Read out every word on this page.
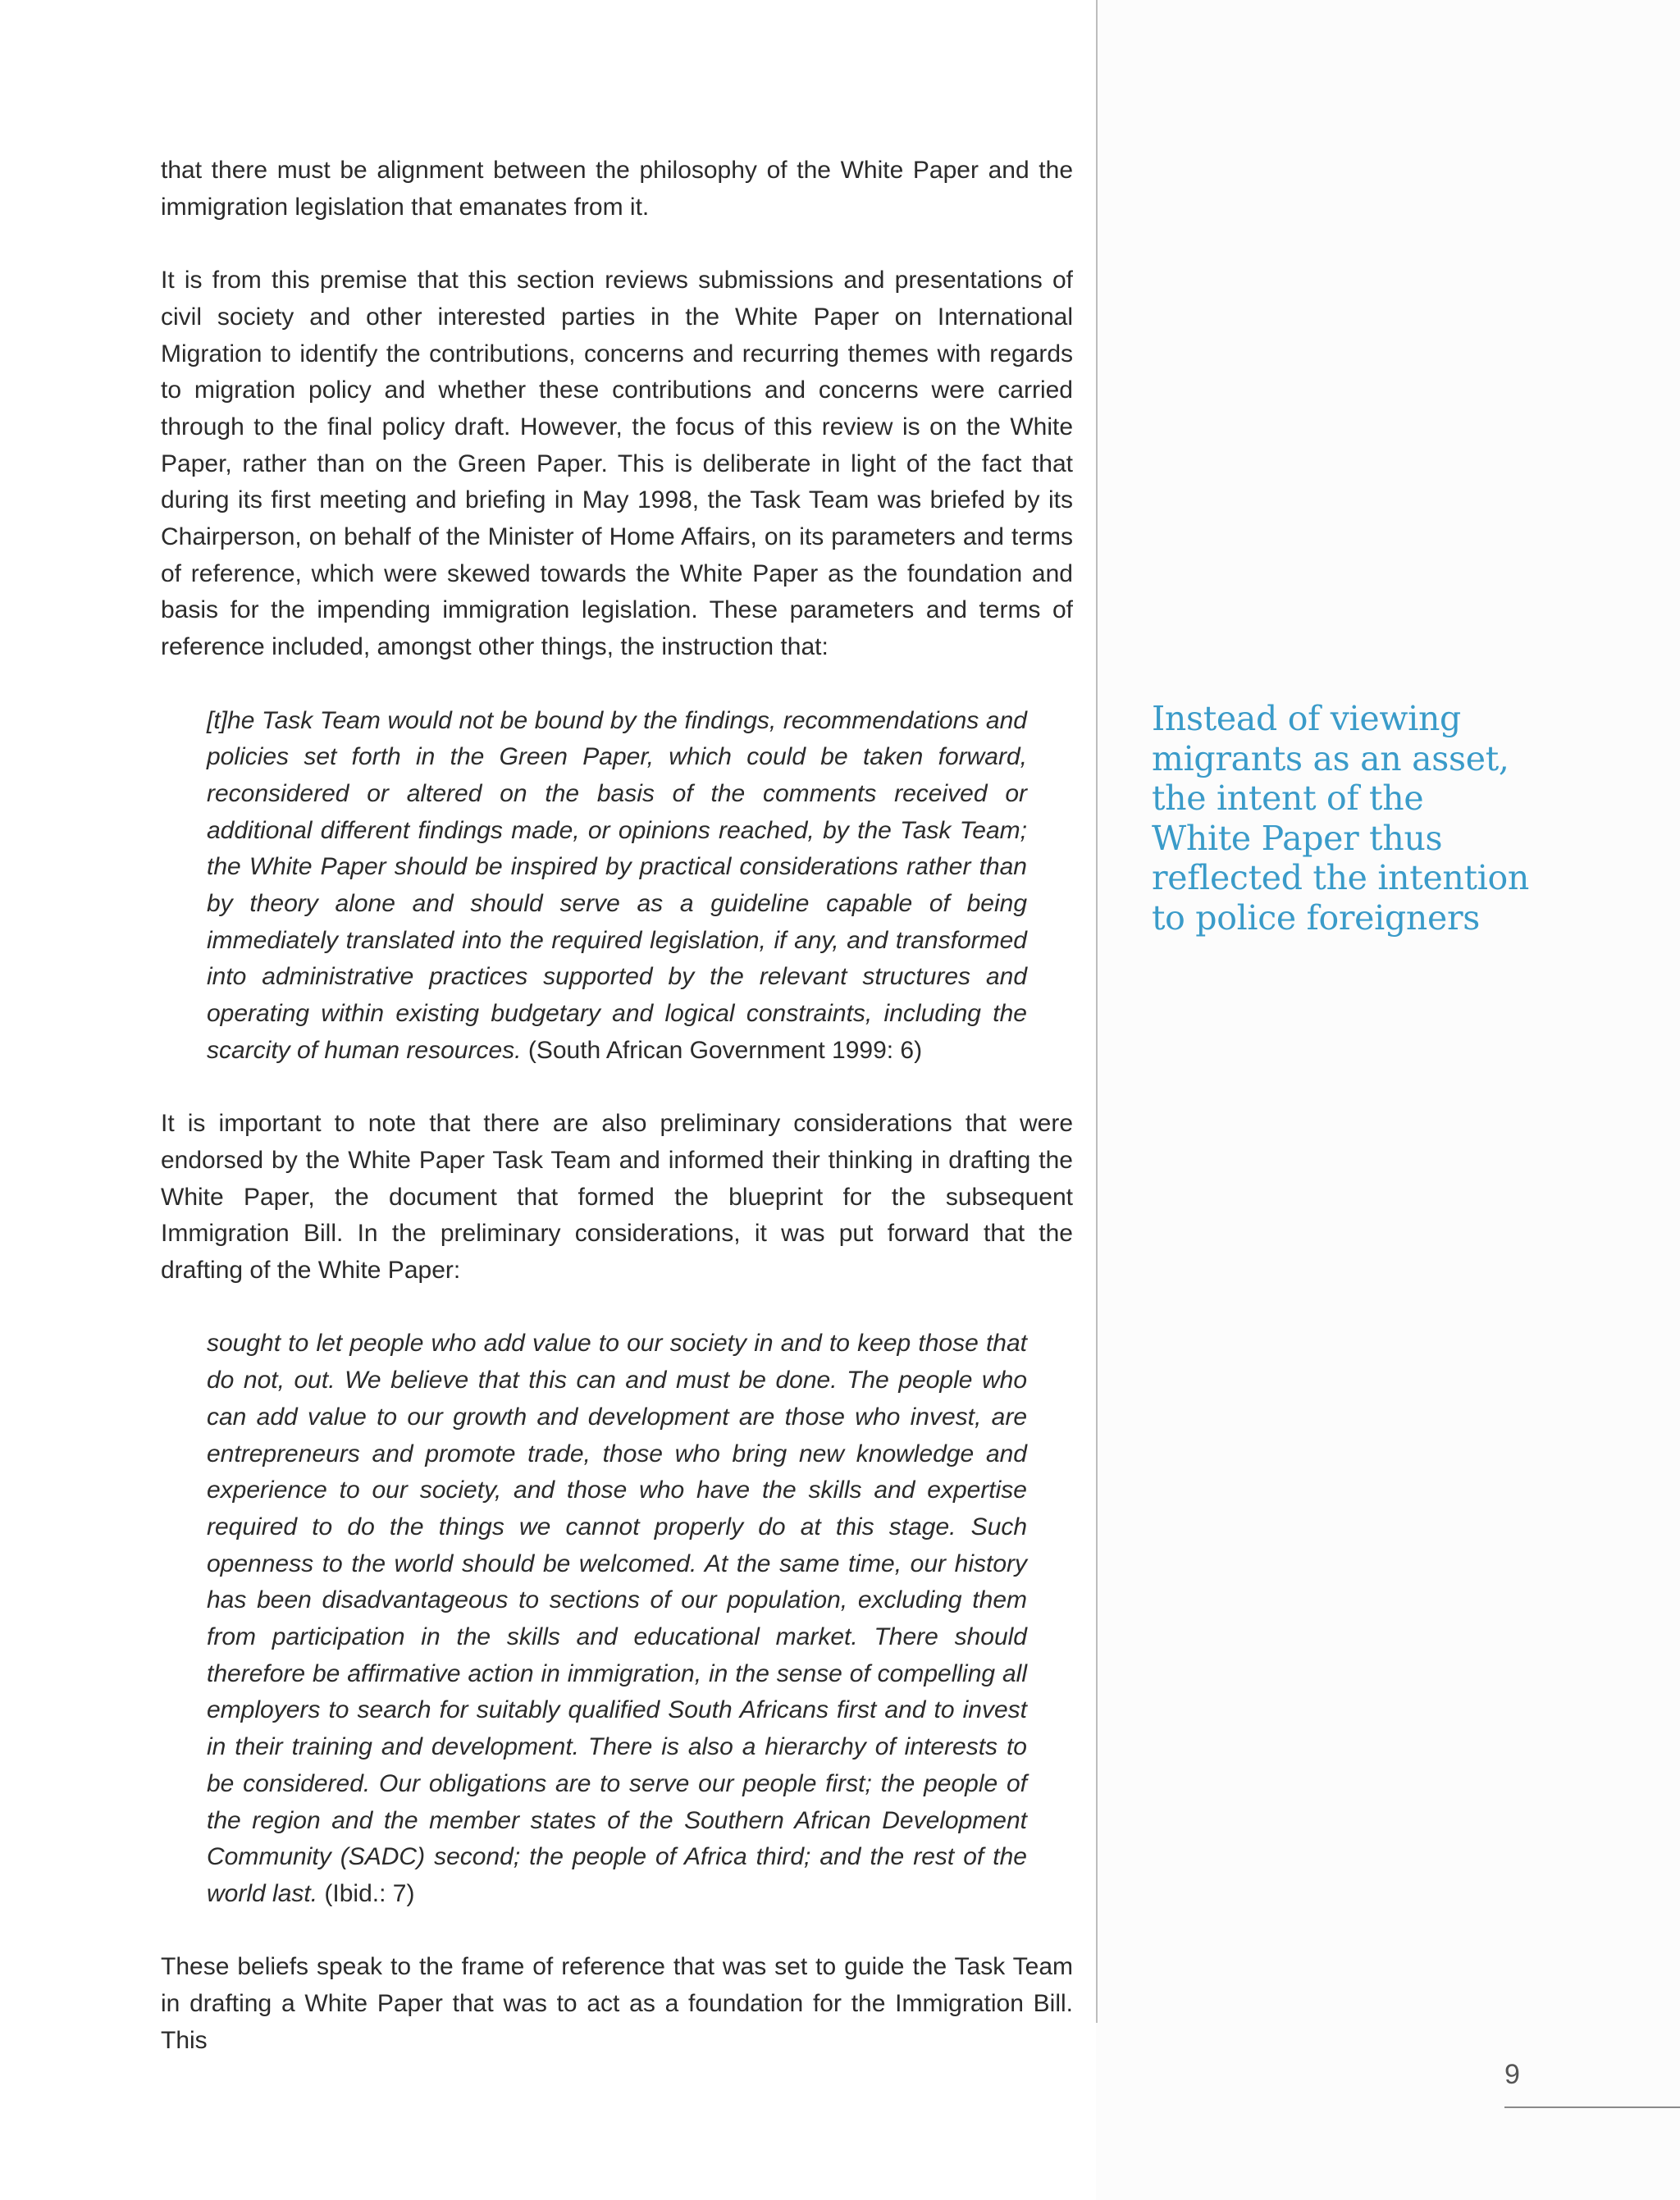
that there must be alignment between the philosophy of the White Paper and the immigration legislation that emanates from it.

It is from this premise that this section reviews submissions and presentations of civil society and other interested parties in the White Paper on International Migration to identify the contributions, concerns and recurring themes with regards to migration policy and whether these contributions and concerns were carried through to the final policy draft. However, the focus of this review is on the White Paper, rather than on the Green Paper. This is deliberate in light of the fact that during its first meeting and briefing in May 1998, the Task Team was briefed by its Chairperson, on behalf of the Minister of Home Affairs, on its parameters and terms of reference, which were skewed towards the White Paper as the foundation and basis for the impending immigration legislation. These parameters and terms of reference included, amongst other things, the instruction that:

[t]he Task Team would not be bound by the findings, recommendations and policies set forth in the Green Paper, which could be taken forward, reconsidered or altered on the basis of the comments received or additional different findings made, or opinions reached, by the Task Team; the White Paper should be inspired by practical considerations rather than by theory alone and should serve as a guideline capable of being immediately translated into the required legislation, if any, and transformed into administrative practices supported by the relevant structures and operating within existing budgetary and logical constraints, including the scarcity of human resources. (South African Government 1999: 6)

It is important to note that there are also preliminary considerations that were endorsed by the White Paper Task Team and informed their thinking in drafting the White Paper, the document that formed the blueprint for the subsequent Immigration Bill. In the preliminary considerations, it was put forward that the drafting of the White Paper:

sought to let people who add value to our society in and to keep those that do not, out. We believe that this can and must be done. The people who can add value to our growth and development are those who invest, are entrepreneurs and promote trade, those who bring new knowledge and experience to our society, and those who have the skills and expertise required to do the things we cannot properly do at this stage. Such openness to the world should be welcomed. At the same time, our history has been disadvantageous to sections of our population, excluding them from participation in the skills and educational market. There should therefore be affirmative action in immigration, in the sense of compelling all employers to search for suitably qualified South Africans first and to invest in their training and development. There is also a hierarchy of interests to be considered. Our obligations are to serve our people first; the people of the region and the member states of the Southern African Development Community (SADC) second; the people of Africa third; and the rest of the world last. (Ibid.: 7)

These beliefs speak to the frame of reference that was set to guide the Task Team in drafting a White Paper that was to act as a foundation for the Immigration Bill. This

Instead of viewing
migrants as an asset,
the intent of the
White Paper thus
reflected the intention
to police foreigners
9
